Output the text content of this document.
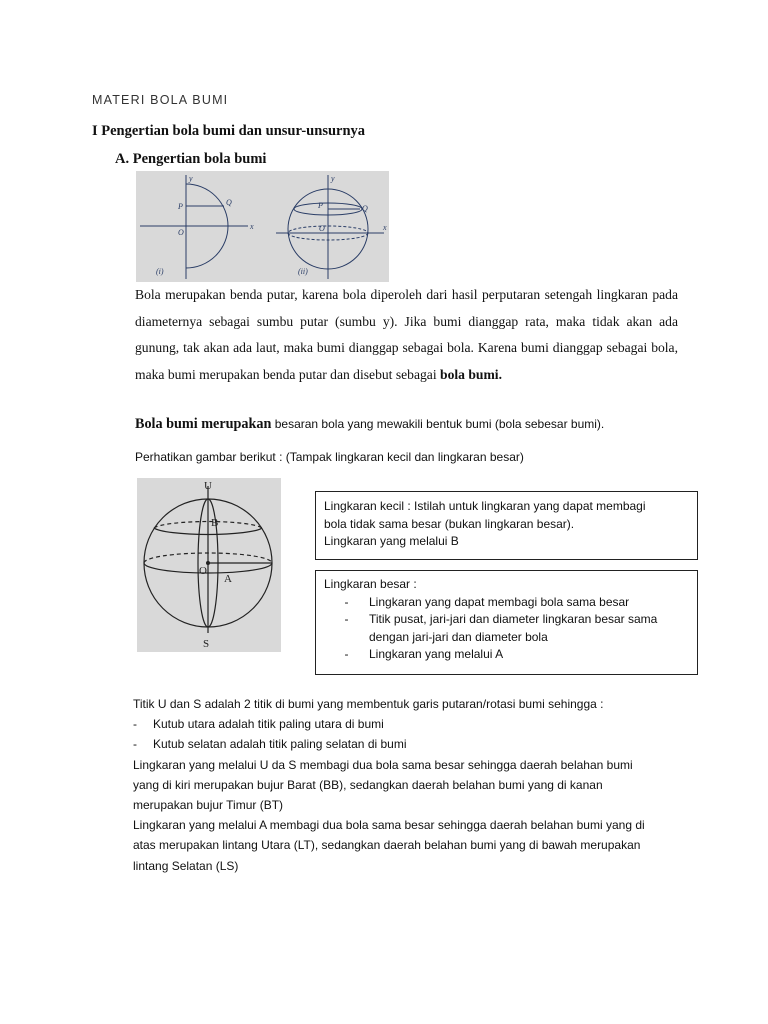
MATERI BOLA BUMI
I Pengertian bola bumi dan unsur-unsurnya
A. Pengertian bola bumi
y
P	Q
O
x
y
P	Q
O	x
(i)	(ii)
Bola merupakan benda putar, karena bola diperoleh dari hasil perputaran setengah lingkaran pada diameternya sebagai sumbu putar (sumbu y). Jika bumi dianggap rata, maka tidak akan ada gunung, tak akan ada laut, maka bumi dianggap sebagai bola. Karena bumi dianggap sebagai bola, maka bumi merupakan benda putar dan disebut sebagai bola bumi.
Bola bumi merupakan besaran bola yang mewakili bentuk bumi (bola sebesar bumi).
Perhatikan gambar berikut : (Tampak lingkaran kecil dan lingkaran besar)
U
B
O
A
S
Lingkaran kecil : Istilah untuk lingkaran yang dapat membagi
bola tidak sama besar (bukan lingkaran besar).
Lingkaran yang melalui B
Lingkaran besar :
-	Lingkaran yang dapat membagi bola sama besar
-	Titik pusat, jari-jari dan diameter lingkaran besar sama dengan jari-jari dan diameter bola
-	Lingkaran yang melalui A
Titik U dan S adalah 2 titik di bumi yang membentuk garis putaran/rotasi bumi sehingga :
-	Kutub utara adalah titik paling utara di bumi
-	Kutub selatan adalah titik paling selatan di bumi
Lingkaran yang melalui U da S membagi dua bola sama besar sehingga daerah belahan bumi
yang di kiri merupakan bujur Barat (BB), sedangkan daerah belahan bumi yang di kanan
merupakan bujur Timur (BT)
Lingkaran yang melalui A membagi dua bola sama besar sehingga daerah belahan bumi yang di
atas merupakan lintang Utara (LT), sedangkan daerah belahan bumi yang di bawah merupakan
lintang Selatan (LS)
